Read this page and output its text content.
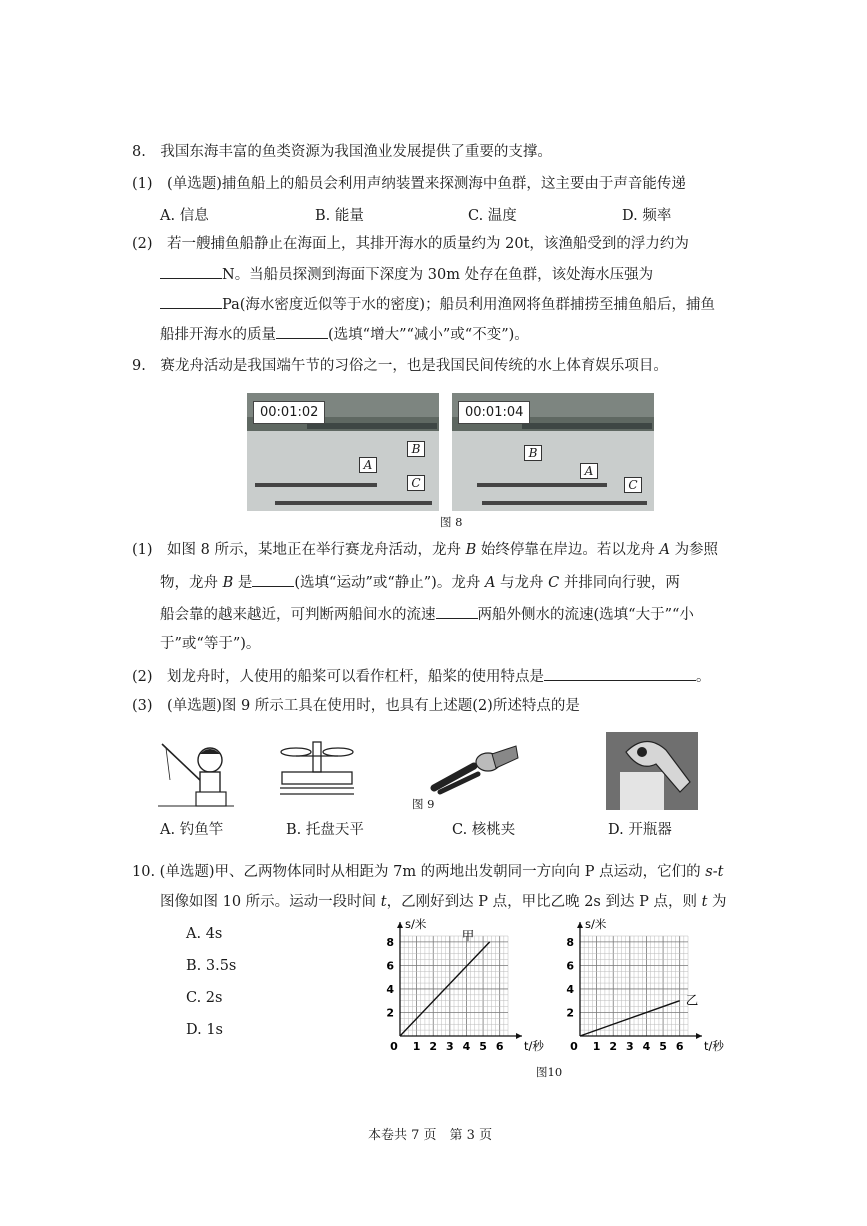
8.　我国东海丰富的鱼类资源为我国渔业发展提供了重要的支撑。
(1)　(单选题)捕鱼船上的船员会利用声纳装置来探测海中鱼群，这主要由于声音能传递
A. 信息	B. 能量	C. 温度	D. 频率
(2)　若一艘捕鱼船静止在海面上，其排开海水的质量约为 20t，该渔船受到的浮力约为
N。当船员探测到海面下深度为 30m 处存在鱼群，该处海水压强为
Pa(海水密度近似等于水的密度)；船员利用渔网将鱼群捕捞至捕鱼船后，捕鱼
船排开海水的质量	(选填“增大”“减小”或“不变”)。
9.　赛龙舟活动是我国端午节的习俗之一，也是我国民间传统的水上体育娱乐项目。
00:01:02
B
A
C
00:01:04
B
A
C
图 8
(1)　如图 8 所示，某地正在举行赛龙舟活动，龙舟 B 始终停靠在岸边。若以龙舟 A 为参照
物，龙舟 B 是	(选填“运动”或“静止”)。龙舟 A 与龙舟 C 并排同向行驶，两
船会靠的越来越近，可判断两船间水的流速	两船外侧水的流速(选填“大于”“小
于”或“等于”)。
(2)　划龙舟时，人使用的船桨可以看作杠杆，船桨的使用特点是	。
(3)　(单选题)图 9 所示工具在使用时，也具有上述题(2)所述特点的是
图 9
A. 钓鱼竿	B. 托盘天平	C. 核桃夹	D. 开瓶器
10. (单选题)甲、乙两物体同时从相距为 7m 的两地出发朝同一方向向 P 点运动，它们的 s-t
图像如图 10 所示。运动一段时间 t，乙刚好到达 P 点，甲比乙晚 2s 到达 P 点，则 t 为
A. 4s
B. 3.5s
C. 2s
D. 1s
0 1 2 3 4 5 6
2
4
6
8
t/秒
s/米
甲
0 1 2 3 4 5 6
2
4
6
8
t/秒
s/米
乙
图10
本卷共 7 页　第 3 页
